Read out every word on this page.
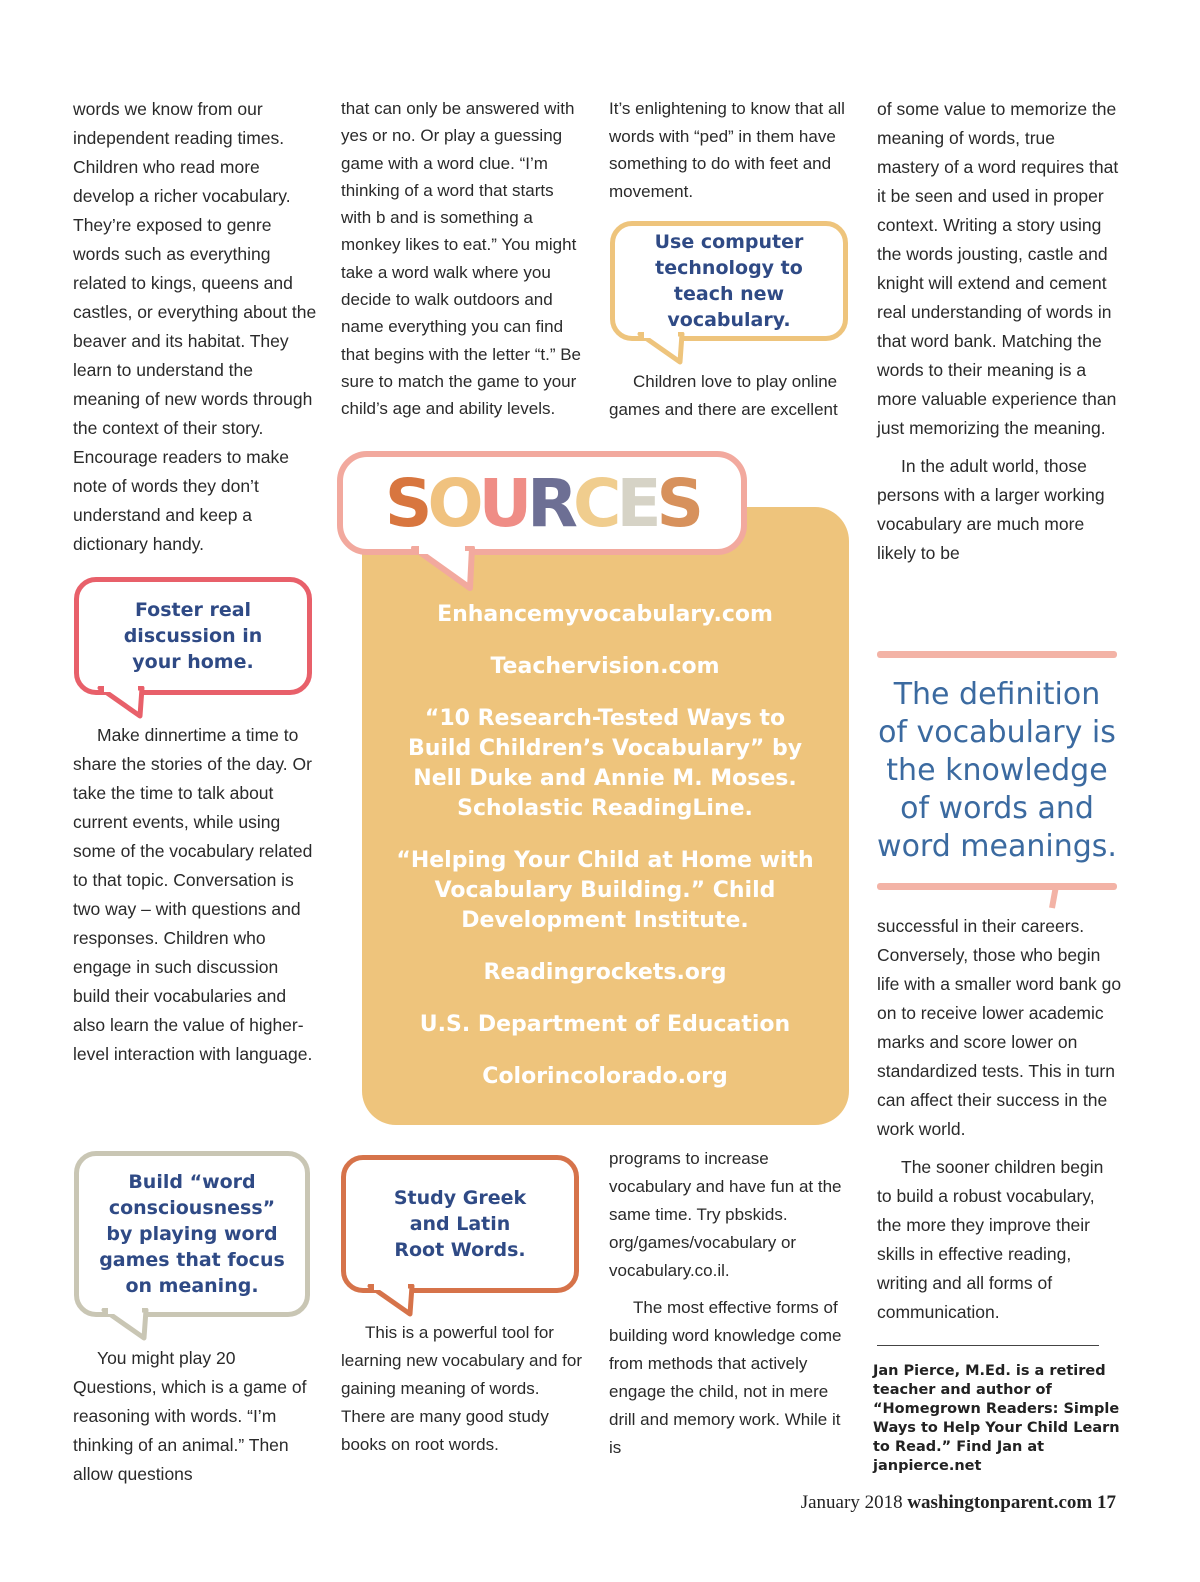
words we know from our independent reading times. Children who read more develop a richer vocabulary. They’re exposed to genre words such as everything related to kings, queens and castles, or everything about the beaver and its habitat. They learn to understand the meaning of new words through the context of their story. Encourage readers to make note of words they don’t understand and keep a dictionary handy.

Foster real discussion in your home.

Make dinnertime a time to share the stories of the day. Or take the time to talk about current events, while using some of the vocabulary related to that topic. Conversation is two way – with questions and responses. Children who engage in such discussion build their vocabularies and also learn the value of higher-level interaction with language.

Build “word consciousness” by playing word games that focus on meaning.

You might play 20 Questions, which is a game of reasoning with words. “I’m thinking of an animal.” Then allow questions

that can only be answered with yes or no. Or play a guessing game with a word clue. “I’m thinking of a word that starts with b and is something a monkey likes to eat.” You might take a word walk where you decide to walk outdoors and name everything you can find that begins with the letter “t.” Be sure to match the game to your child’s age and ability levels.

Study Greek and Latin Root Words.

This is a powerful tool for learning new vocabulary and for gaining meaning of words. There are many good study books on root words.

It’s enlightening to know that all words with “ped” in them have something to do with feet and movement.

Use computer technology to teach new vocabulary.

Children love to play online games and there are excellent

programs to increase vocabulary and have fun at the same time. Try pbskids. org/games/vocabulary or vocabulary.co.il.

The most effective forms of building word knowledge come from methods that actively engage the child, not in mere drill and memory work. While it is

SOURCES
Enhancemyvocabulary.com
Teachervision.com
“10 Research-Tested Ways to Build Children’s Vocabulary” by Nell Duke and Annie M. Moses. Scholastic ReadingLine.
“Helping Your Child at Home with Vocabulary Building.” Child Development Institute.
Readingrockets.org
U.S. Department of Education
Colorincolorado.org

of some value to memorize the meaning of words, true mastery of a word requires that it be seen and used in proper context. Writing a story using the words jousting, castle and knight will extend and cement real understanding of words in that word bank. Matching the words to their meaning is a more valuable experience than just memorizing the meaning.

In the adult world, those persons with a larger working vocabulary are much more likely to be

The definition of vocabulary is the knowledge of words and word meanings.

successful in their careers. Conversely, those who begin life with a smaller word bank go on to receive lower academic marks and score lower on standardized tests. This in turn can affect their success in the work world.

The sooner children begin to build a robust vocabulary, the more they improve their skills in effective reading, writing and all forms of communication.

Jan Pierce, M.Ed. is a retired teacher and author of “Homegrown Readers: Simple Ways to Help Your Child Learn to Read.” Find Jan at janpierce.net
January 2018 washingtonparent.com 17
